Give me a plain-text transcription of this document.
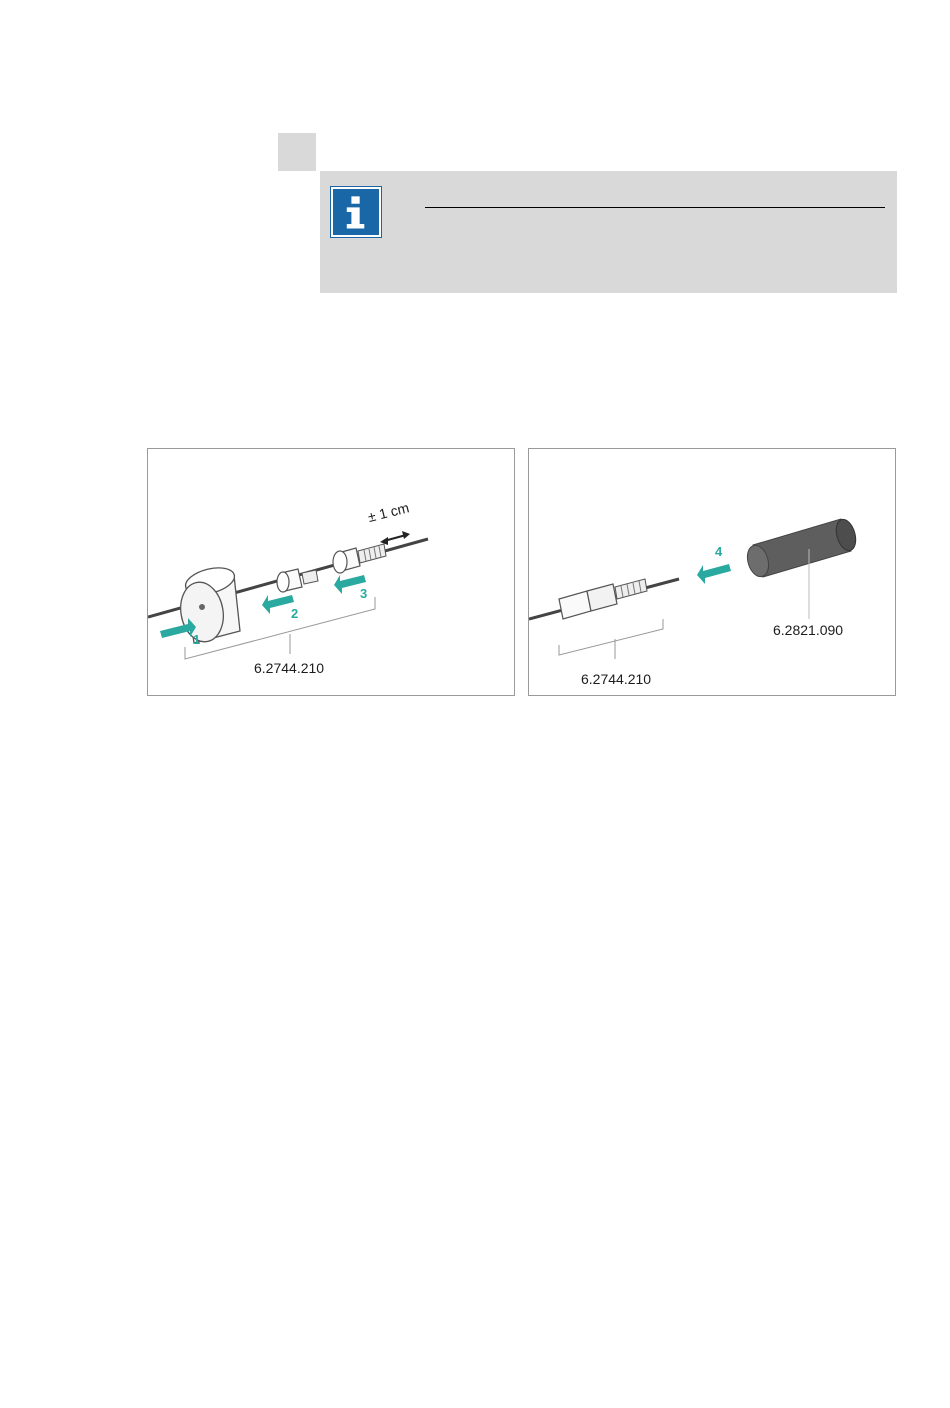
1
2
3
± 1 cm
6.2744.210
4
6.2744.210
6.2821.090
